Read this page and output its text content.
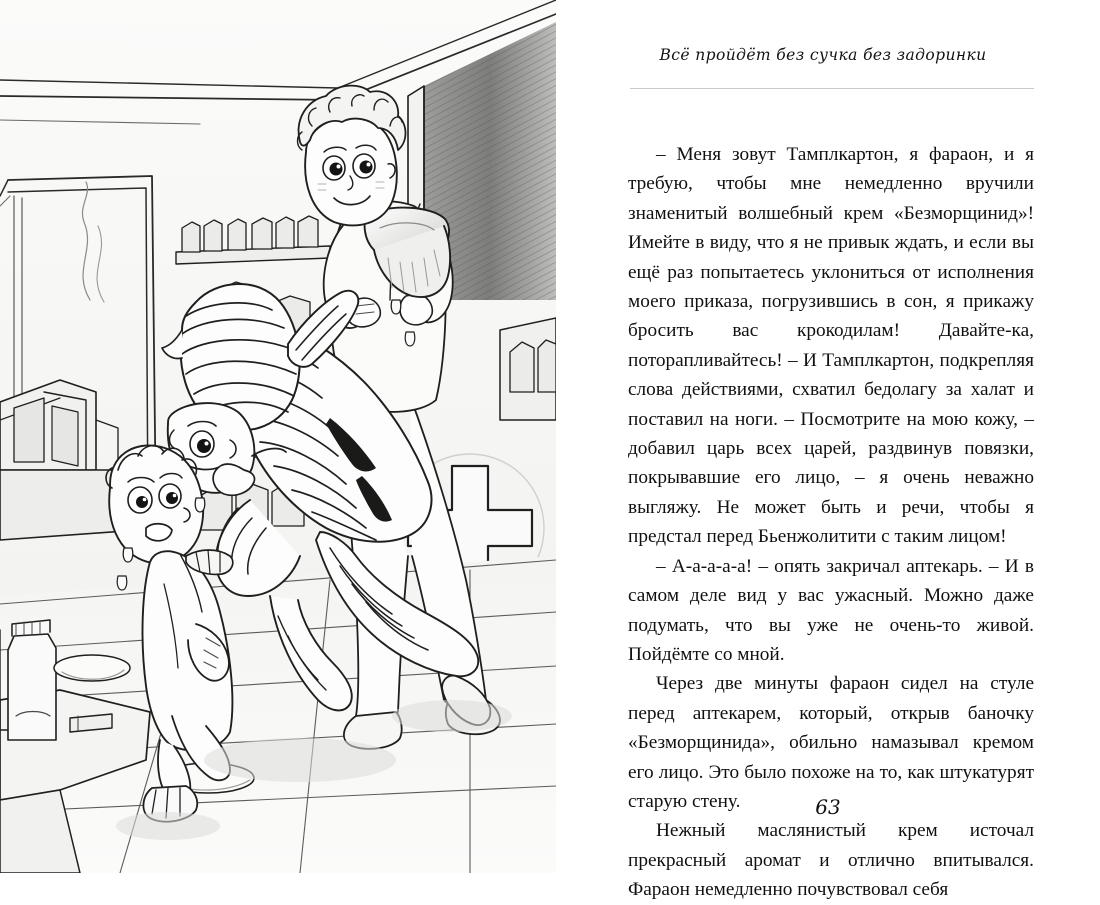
Всё пройдёт без сучка без задоринки

– Меня зовут Тамплкартон, я фараон, и я требую, чтобы мне немедленно вручили знаменитый волшебный крем «Безморщинид»! Имейте в виду, что я не привык ждать, и если вы ещё раз попытаетесь уклониться от исполнения моего приказа, погрузившись в сон, я прикажу бросить вас крокодилам! Давайте-ка, поторапливайтесь! – И Тамплкартон, подкрепляя слова действиями, схватил бедолагу за халат и поставил на ноги. – Посмотрите на мою кожу, – добавил царь всех царей, раздвинув повязки, покрывавшие его лицо, – я очень неважно выгляжу. Не может быть и речи, чтобы я предстал перед Бьенжолитити с таким лицом!

– А-а-а-а-а! – опять закричал аптекарь. – И в самом деле вид у вас ужасный. Можно даже подумать, что вы уже не очень-то живой. Пойдёмте со мной.

Через две минуты фараон сидел на стуле перед аптекарем, который, открыв баночку «Безморщинида», обильно намазывал кремом его лицо. Это было похоже на то, как штукатурят старую стену.

Нежный маслянистый крем источал прекрасный аромат и отлично впитывался. Фараон немедленно почувствовал себя

63
